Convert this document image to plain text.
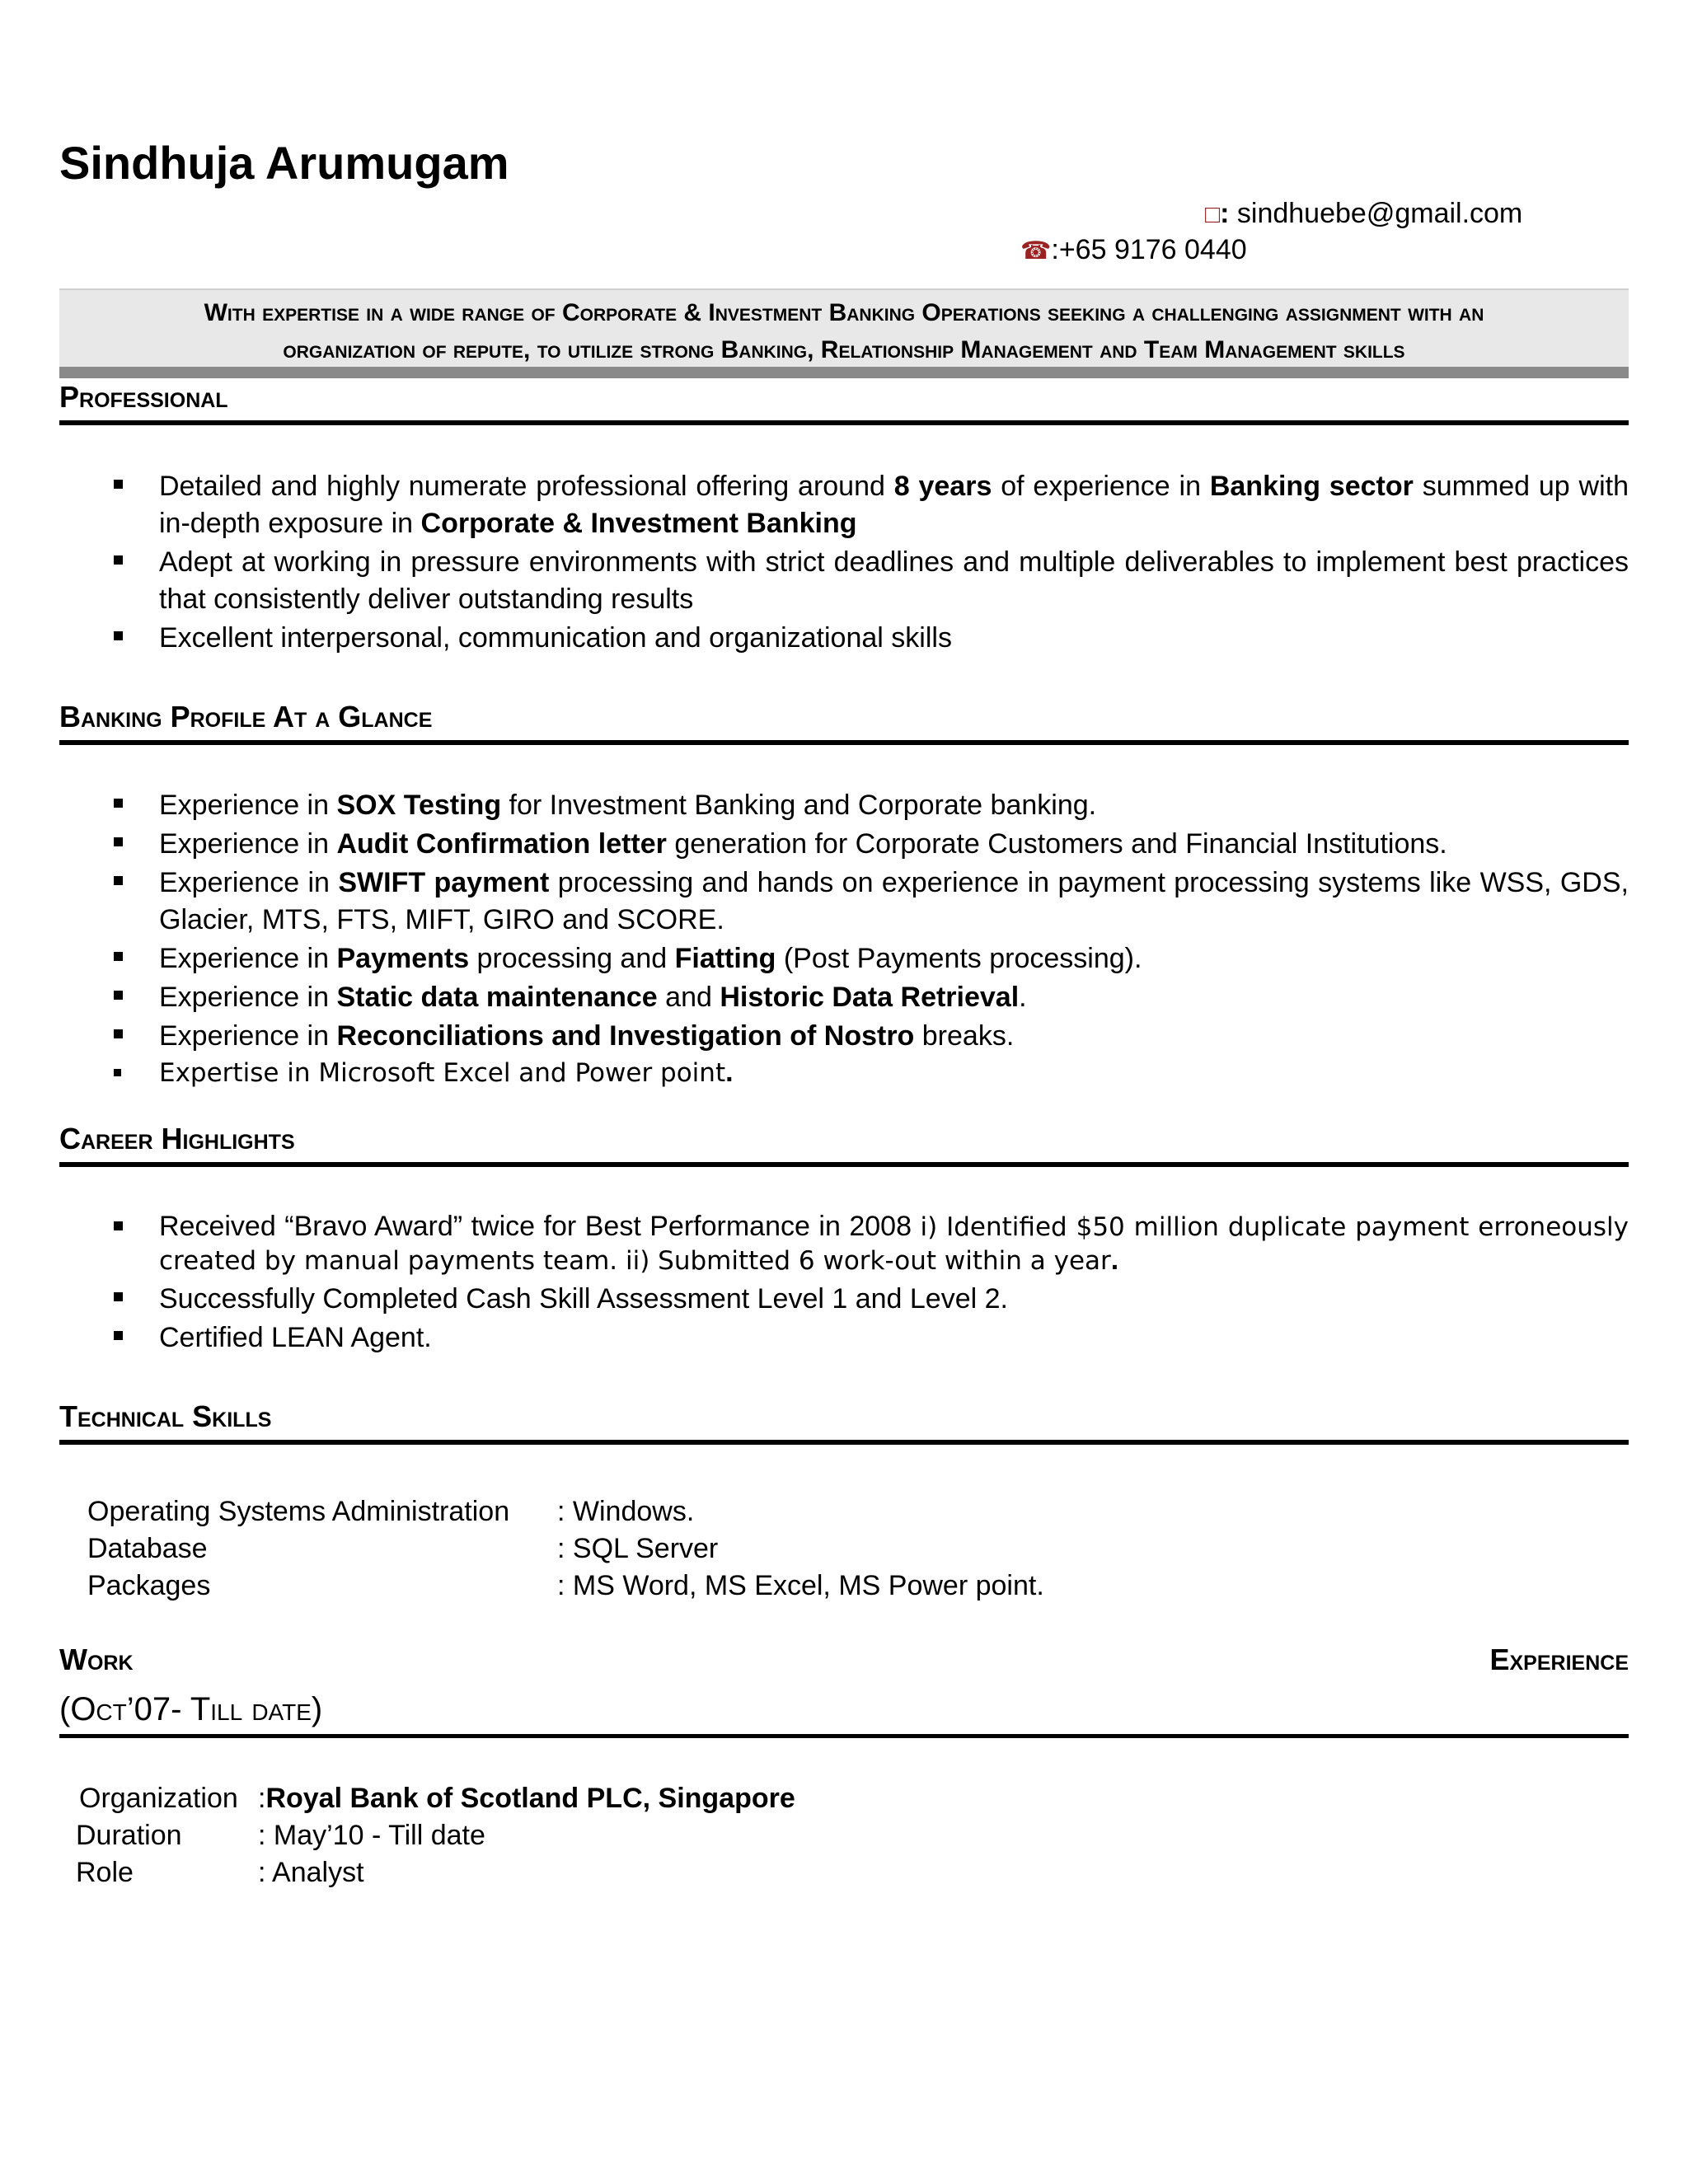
Sindhuja Arumugam
□: sindhuebe@gmail.com
☎:+65 9176 0440
With expertise in a wide range of Corporate & Investment Banking Operations seeking a challenging assignment with an
organization of repute, to utilize strong Banking, Relationship Management and Team Management skills
Professional
Detailed and highly numerate professional offering around 8 years of experience in Banking sector summed up with in-depth exposure in Corporate & Investment Banking
Adept at working in pressure environments with strict deadlines and multiple deliverables to implement best practices that consistently deliver outstanding results
Excellent interpersonal, communication and organizational skills
Banking Profile At a Glance
Experience in SOX Testing for Investment Banking and Corporate banking.
Experience in Audit Confirmation letter generation for Corporate Customers and Financial Institutions.
Experience in SWIFT payment processing and hands on experience in payment processing systems like WSS, GDS, Glacier, MTS, FTS, MIFT, GIRO and SCORE.
Experience in Payments processing and Fiatting (Post Payments processing).
Experience in Static data maintenance and Historic Data Retrieval.
Experience in Reconciliations and Investigation of Nostro breaks.
Expertise in Microsoft Excel and Power point.
Career Highlights
Received “Bravo Award” twice for Best Performance in 2008 i) Identified $50 million duplicate payment erroneously created by manual payments team. ii) Submitted 6 work-out within a year.
Successfully Completed Cash Skill Assessment Level 1 and Level 2.
Certified LEAN Agent.
Technical Skills
Operating Systems Administration	: Windows.
Database	: SQL Server
Packages	: MS Word, MS Excel, MS Power point.
Work	Experience
(Oct’07- Till date)
Organization : Royal Bank of Scotland PLC, Singapore
Duration	: May’10 - Till date
Role	: Analyst
